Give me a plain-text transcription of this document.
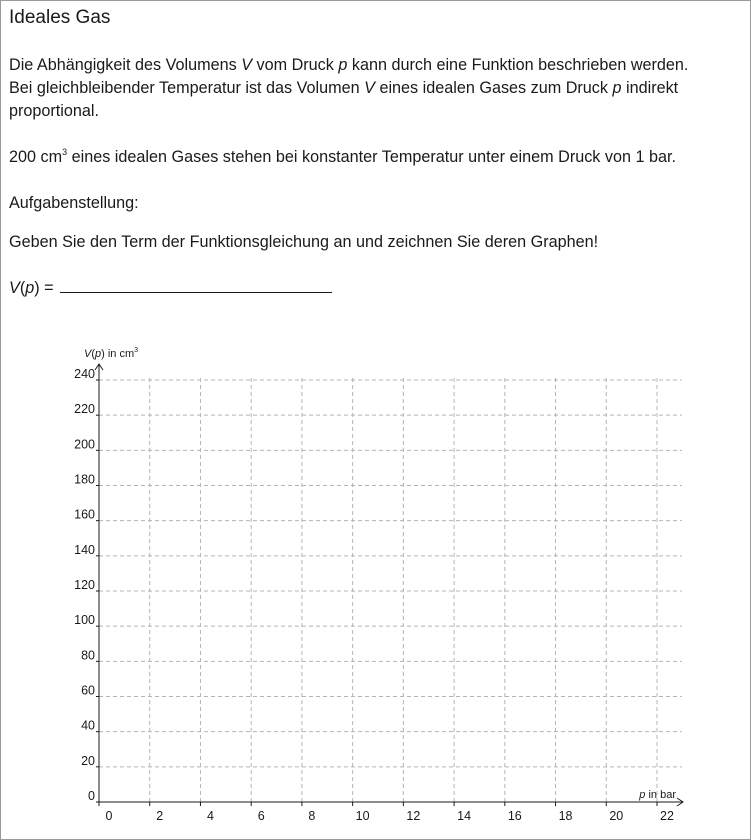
Ideales Gas

Die Abhängigkeit des Volumens V vom Druck p kann durch eine Funktion beschrieben werden.
Bei gleichbleibender Temperatur ist das Volumen V eines idealen Gases zum Druck p indirekt
proportional.

200 $cm^3$ eines idealen Gases stehen bei konstanter Temperatur unter einem Druck von 1 bar.

Aufgabenstellung:

Geben Sie den Term der Funktionsgleichung an und zeichnen Sie deren Graphen!

V(p) =
0
20
40
60
80
100
120
140
160
180
200
220
240
0	2	4	6	8	10	12	14	16	18	20	22
V(p) in $cm^3$
p in bar
